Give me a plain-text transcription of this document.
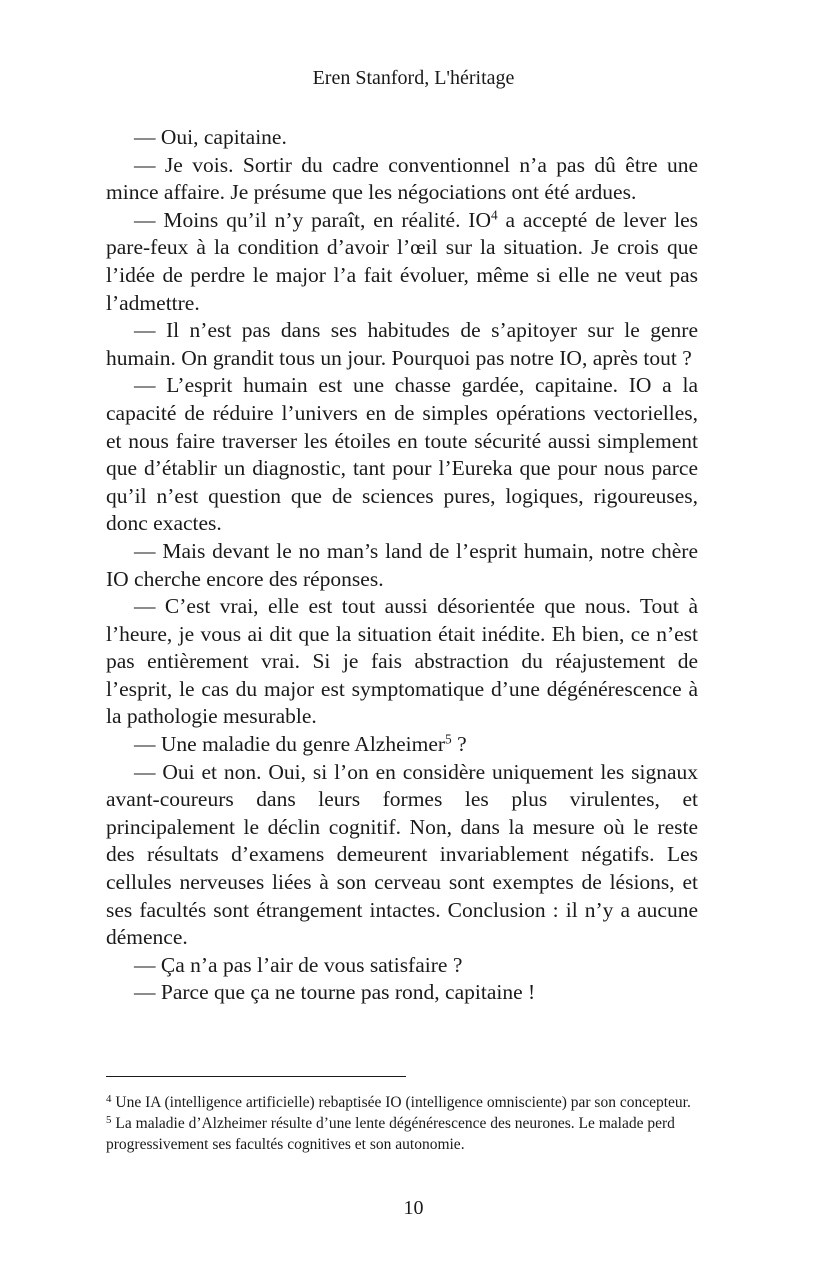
Eren Stanford, L'héritage

— Oui, capitaine.

— Je vois. Sortir du cadre conventionnel n’a pas dû être une mince affaire. Je présume que les négociations ont été ardues.

— Moins qu’il n’y paraît, en réalité. IO$^4$ a accepté de lever les pare-feux à la condition d’avoir l’œil sur la situation. Je crois que l’idée de perdre le major l’a fait évoluer, même si elle ne veut pas l’admettre.

— Il n’est pas dans ses habitudes de s’apitoyer sur le genre humain. On grandit tous un jour. Pourquoi pas notre IO, après tout ?

— L’esprit humain est une chasse gardée, capitaine. IO a la capacité de réduire l’univers en de simples opérations vectorielles, et nous faire traverser les étoiles en toute sécurité aussi simplement que d’établir un diagnostic, tant pour l’Eureka que pour nous parce qu’il n’est question que de sciences pures, logiques, rigoureuses, donc exactes.

— Mais devant le no man’s land de l’esprit humain, notre chère IO cherche encore des réponses.

— C’est vrai, elle est tout aussi désorientée que nous. Tout à l’heure, je vous ai dit que la situation était inédite. Eh bien, ce n’est pas entièrement vrai. Si je fais abstraction du réajustement de l’esprit, le cas du major est symptomatique d’une dégénérescence à la pathologie mesurable.

— Une maladie du genre Alzheimer$^5$ ?

— Oui et non. Oui, si l’on en considère uniquement les signaux avant-coureurs dans leurs formes les plus virulentes, et principalement le déclin cognitif. Non, dans la mesure où le reste des résultats d’examens demeurent invariablement négatifs. Les cellules nerveuses liées à son cerveau sont exemptes de lésions, et ses facultés sont étrangement intactes. Conclusion : il n’y a aucune démence.

— Ça n’a pas l’air de vous satisfaire ?

— Parce que ça ne tourne pas rond, capitaine !

$^4$ Une IA (intelligence artificielle) rebaptisée IO (intelligence omnisciente) par son concepteur.

$^5$ La maladie d’Alzheimer résulte d’une lente dégénérescence des neurones. Le malade perd progressivement ses facultés cognitives et son autonomie.

10
